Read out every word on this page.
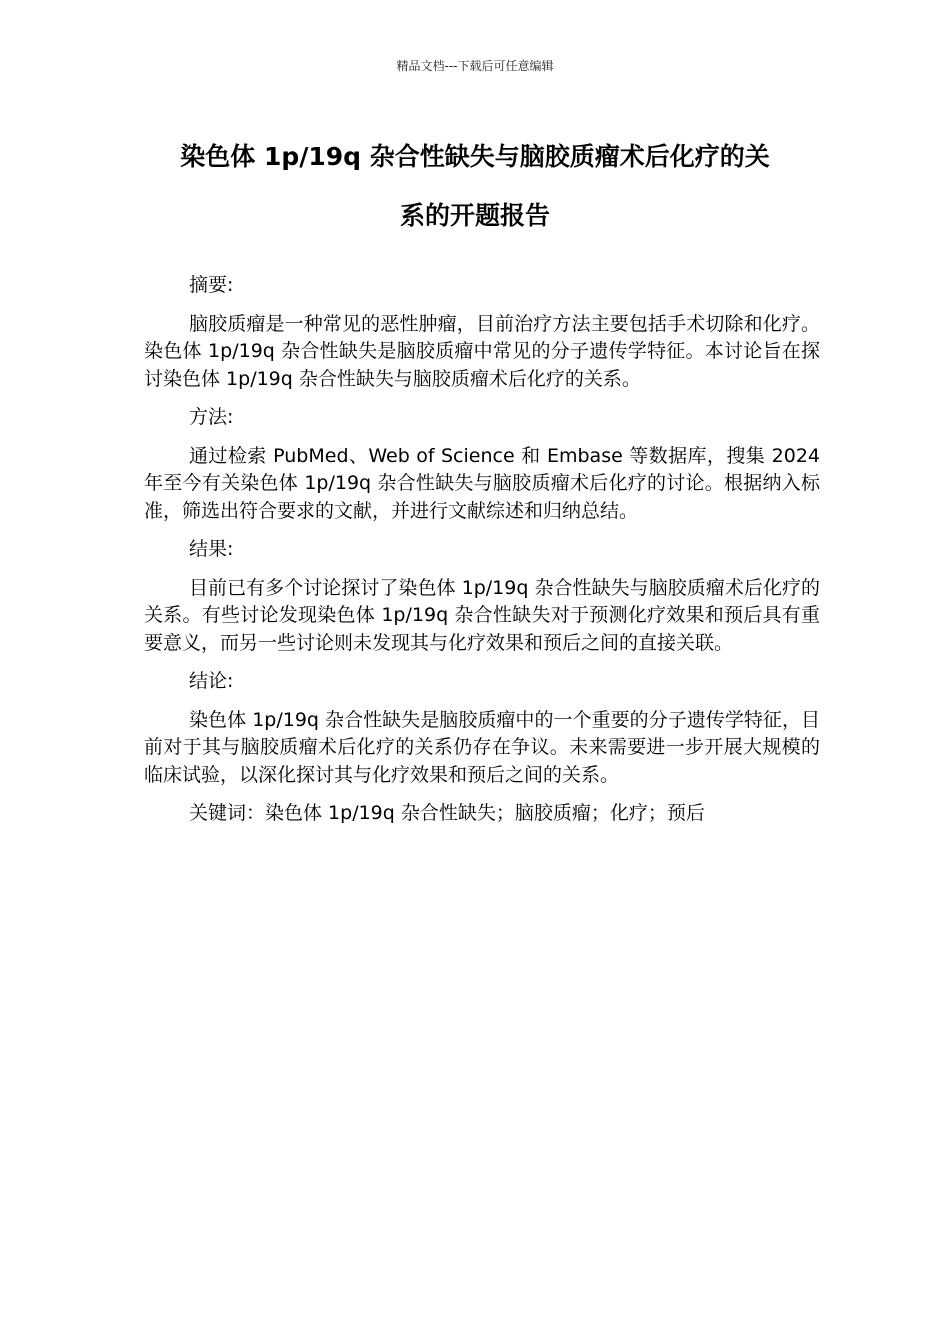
精品文档---下载后可任意编辑
染色体 1p/19q 杂合性缺失与脑胶质瘤术后化疗的关
系的开题报告

摘要:

脑胶质瘤是一种常见的恶性肿瘤，目前治疗方法主要包括手术切除和化疗。染色体 1p/19q 杂合性缺失是脑胶质瘤中常见的分子遗传学特征。本讨论旨在探讨染色体 1p/19q 杂合性缺失与脑胶质瘤术后化疗的关系。

方法:

通过检索 PubMed、Web of Science 和 Embase 等数据库，搜集 2024 年至今有关染色体 1p/19q 杂合性缺失与脑胶质瘤术后化疗的讨论。根据纳入标准，筛选出符合要求的文献，并进行文献综述和归纳总结。

结果:

目前已有多个讨论探讨了染色体 1p/19q 杂合性缺失与脑胶质瘤术后化疗的关系。有些讨论发现染色体 1p/19q 杂合性缺失对于预测化疗效果和预后具有重要意义，而另一些讨论则未发现其与化疗效果和预后之间的直接关联。

结论:

染色体 1p/19q 杂合性缺失是脑胶质瘤中的一个重要的分子遗传学特征，目前对于其与脑胶质瘤术后化疗的关系仍存在争议。未来需要进一步开展大规模的临床试验，以深化探讨其与化疗效果和预后之间的关系。

关键词：染色体 1p/19q 杂合性缺失；脑胶质瘤；化疗；预后
